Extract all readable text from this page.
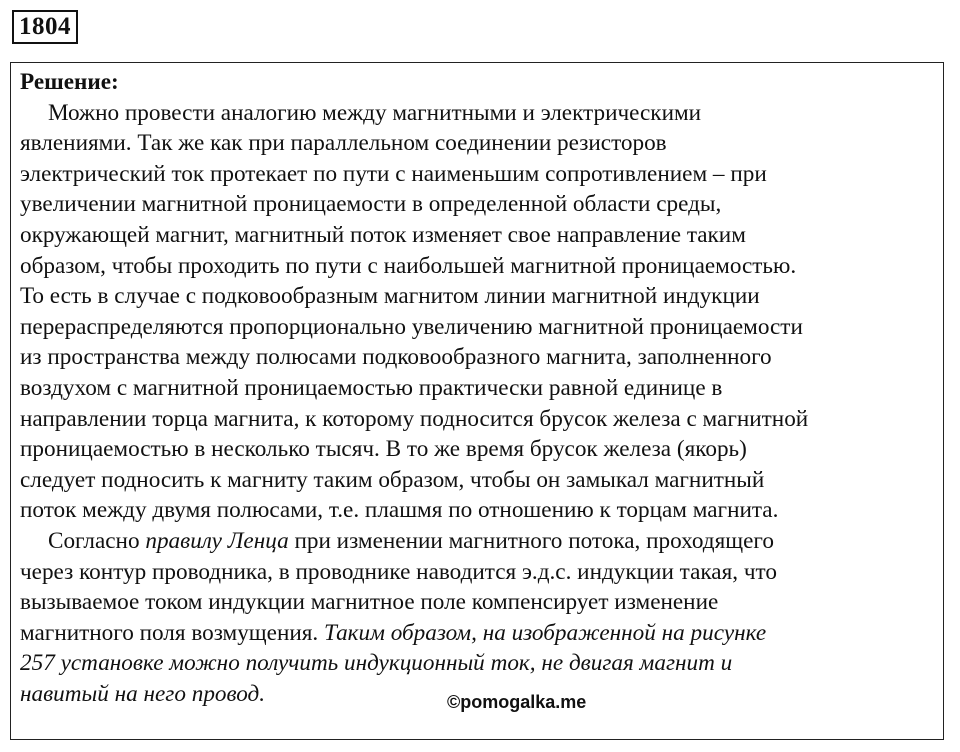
1804
Решение:
Можно провести аналогию между магнитными и электрическими
явлениями. Так же как при параллельном соединении резисторов
электрический ток протекает по пути с наименьшим сопротивлением – при
увеличении магнитной проницаемости в определенной области среды,
окружающей магнит, магнитный поток изменяет свое направление таким
образом, чтобы проходить по пути с наибольшей магнитной проницаемостью.
То есть в случае с подковообразным магнитом линии магнитной индукции
перераспределяются пропорционально увеличению магнитной проницаемости
из пространства между полюсами подковообразного магнита, заполненного
воздухом с магнитной проницаемостью практически равной единице в
направлении торца магнита, к которому подносится брусок железа с магнитной
проницаемостью в несколько тысяч. В то же время брусок железа (якорь)
следует подносить к магниту таким образом, чтобы он замыкал магнитный
поток между двумя полюсами, т.е. плашмя по отношению к торцам магнита.
Согласно правилу Ленца при изменении магнитного потока, проходящего
через контур проводника, в проводнике наводится э.д.с. индукции такая, что
вызываемое током индукции магнитное поле компенсирует изменение
магнитного поля возмущения. Таким образом, на изображенной на рисунке
257 установке можно получить индукционный ток, не двигая магнит и
навитый на него провод.	©pomogalka.me
